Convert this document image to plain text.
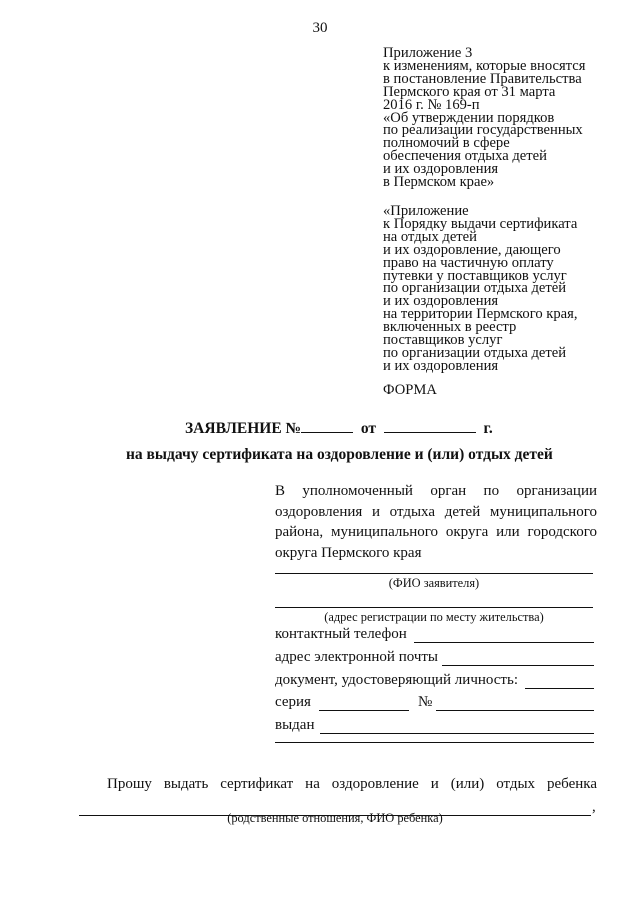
30
Приложение 3
к изменениям, которые вносятся
в постановление Правительства
Пермского края от 31 марта
2016 г. № 169-п
«Об утверждении порядков
по реализации государственных
полномочий в сфере
обеспечения отдыха детей
и их оздоровления
в Пермском крае»
«Приложение
к Порядку выдачи сертификата
на отдых детей
и их оздоровление, дающего
право на частичную оплату
путевки у поставщиков услуг
по организации отдыха детей
и их оздоровления
на территории Пермского края,
включенных в реестр
поставщиков услуг
по организации отдыха детей
и их оздоровления
ФОРМА
ЗАЯВЛЕНИЕ №	от	г.
на выдачу сертификата на оздоровление и (или) отдых детей
В уполномоченный орган по организации
оздоровления и отдыха детей муниципального
района, муниципального округа или городского
округа Пермского края
(ФИО заявителя)
(адрес регистрации по месту жительства)
контактный телефон
адрес электронной почты
документ, удостоверяющий личность:
серия	№
выдан
Прошу выдать сертификат на оздоровление и (или) отдых ребенка
,
(родственные отношения, ФИО ребенка)
